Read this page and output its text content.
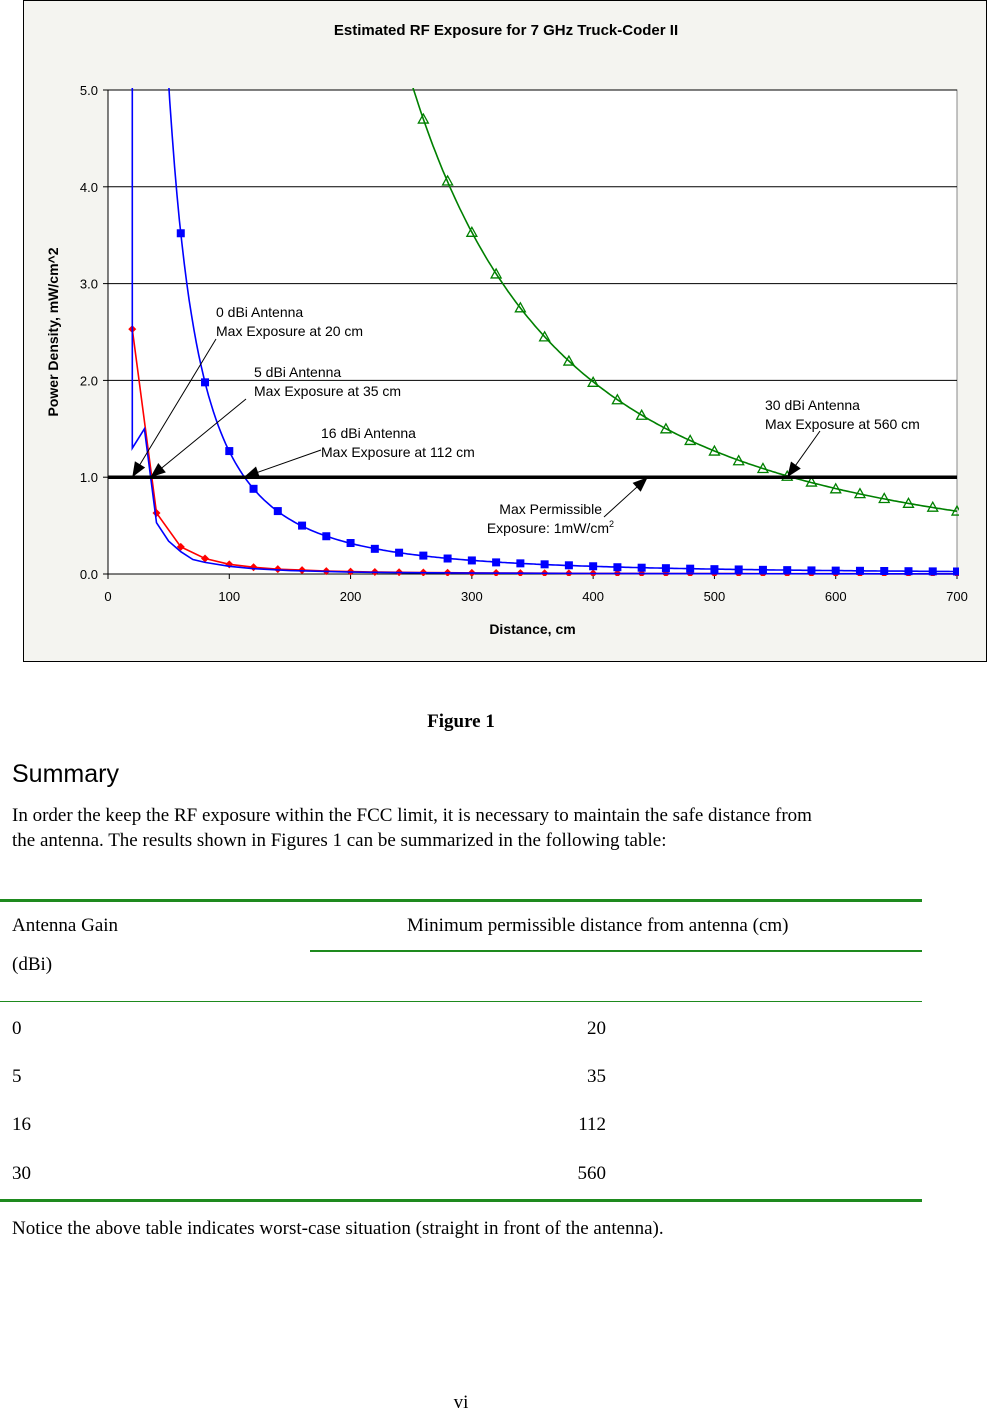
0.0
1.0
2.0
3.0
4.0
5.0
0	100	200	300	400	500	600	700
Estimated RF Exposure for 7 GHz Truck-Coder II
Distance, cm
Power Density, mW/cm^2	0 dBi Antenna
Max Exposure at 20 cm
5 dBi Antenna
Max Exposure at 35 cm
16 dBi Antenna
Max Exposure at 112 cm
30 dBi Antenna
Max Exposure at 560 cm
Max Permissible
Exposure: $1mW/cm^2$
Figure 1
Summary
In order the keep the RF exposure within the FCC limit, it is necessary to maintain the safe distance from
the antenna. The results shown in Figures 1 can be summarized in the following table:
Antenna Gain
(dBi)
Minimum permissible distance from antenna (cm)
0	20
5	35
16	112
30	560
Notice the above table indicates worst-case situation (straight in front of the antenna).
vi
